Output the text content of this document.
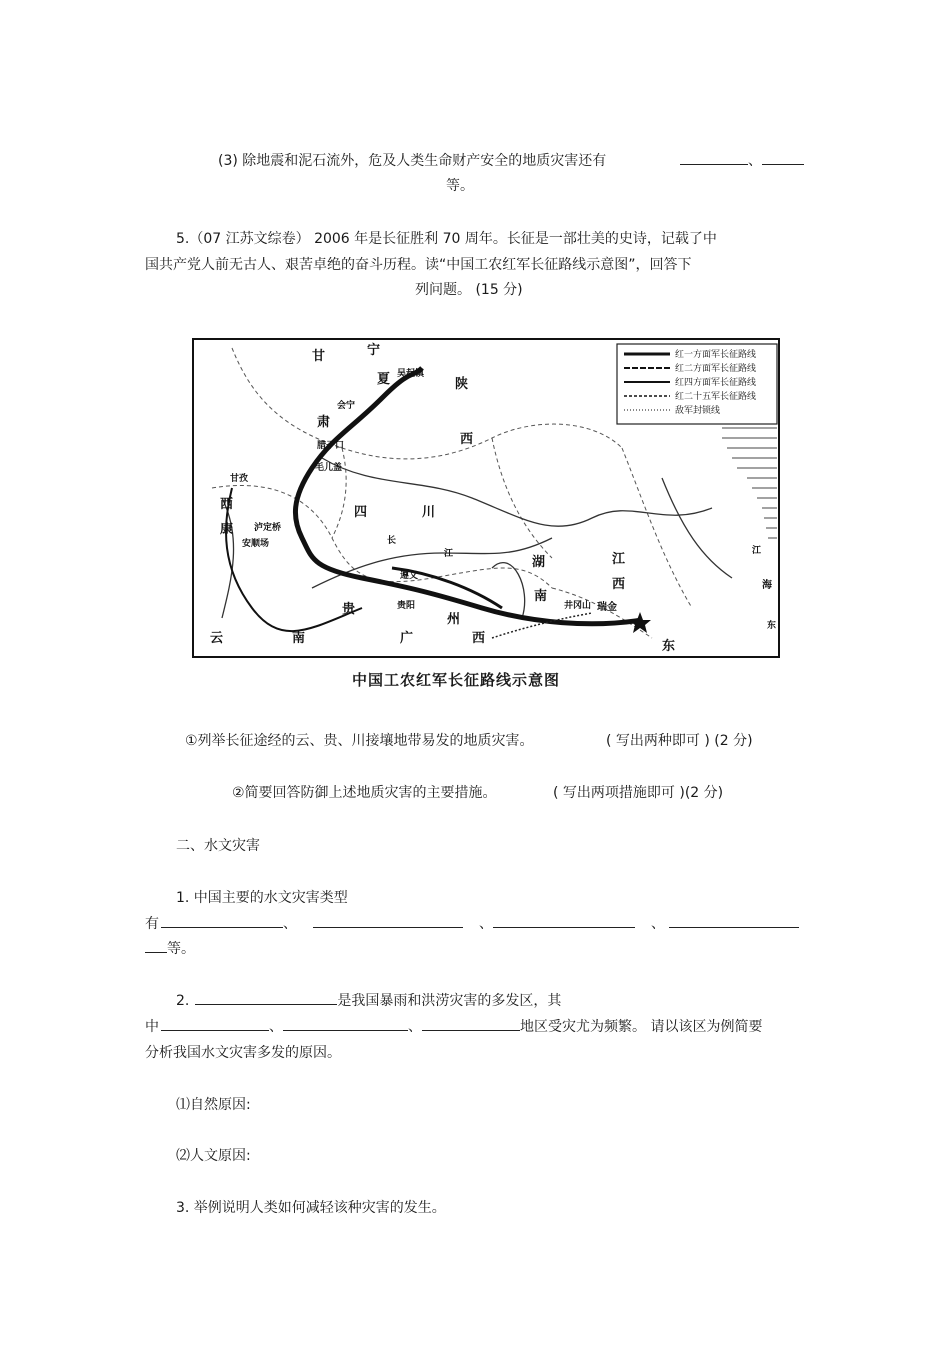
(3) 除地震和泥石流外，危及人类生命财产安全的地质灾害还有	、
等。
5.（07 江苏文综卷） 2006 年是长征胜利 70 周年。长征是一部壮美的史诗，记载了中
国共产党人前无古人、艰苦卓绝的奋斗历程。读“中国工农红军长征路线示意图”，回答下
列问题。 (15 分)
红一方面军长征路线
红二方面军长征路线
红四方面军长征路线
红二十五军长征路线
敌军封锁线
甘	宁
夏 吴起镇
陕
会宁
肃
腊子口	西
毛儿盖
甘孜
西
康
四	川
泸定桥
安顺场
遵义
湖
南
江
西
贵
州
贵阳	井冈山 瑞金
云	南	广	西
东
海
江
长
江
东
中国工农红军长征路线示意图
①列举长征途经的云、贵、川接壤地带易发的地质灾害。	( 写出两种即可 ) (2 分)
②简要回答防御上述地质灾害的主要措施。	( 写出两项措施即可 )(2 分)
二、水文灾害
1. 中国主要的水文灾害类型
有	、	、	、
等。
2.	是我国暴雨和洪涝灾害的多发区，其
中	、	、	地区受灾尤为频繁。 请以该区为例简要
分析我国水文灾害多发的原因。
⑴自然原因:
⑵人文原因:
3. 举例说明人类如何减轻该种灾害的发生。
